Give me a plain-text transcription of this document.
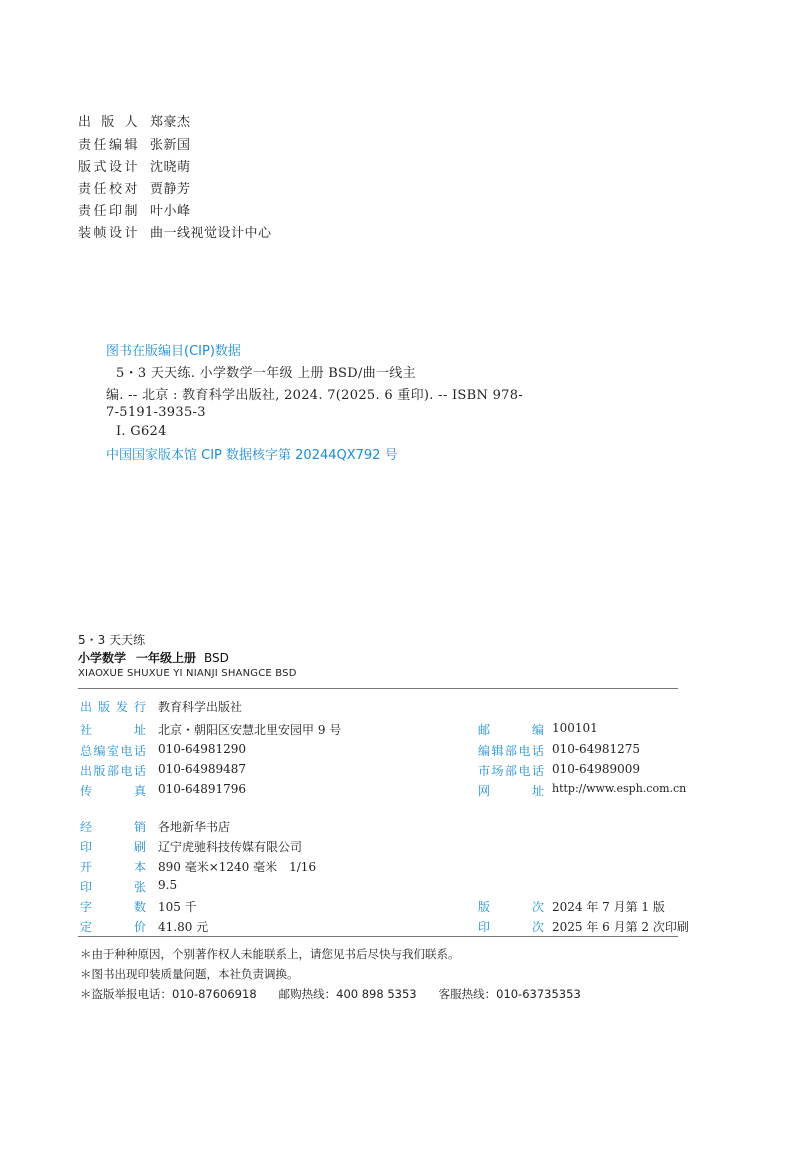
出版人 郑豪杰
责任编辑 张新国
版式设计 沈晓萌
责任校对 贾静芳
责任印制 叶小峰
装帧设计 曲一线视觉设计中心
图书在版编目(CIP)数据
5・3 天天练. 小学数学一年级 上册 BSD/曲一线主
编. -- 北京 : 教育科学出版社, 2024. 7(2025. 6 重印). -- ISBN 978-
7-5191-3935-3
Ⅰ. G624
中国国家版本馆 CIP 数据核字第 20244QX792 号
5・3 天天练
小学数学 一年级上册 BSD
XIAOXUE SHUXUE YI NIANJI SHANGCE BSD
出版发行 教育科学出版社
社址 北京・朝阳区安慧北里安园甲 9 号
总编室电话 010-64981290
出版部电话 010-64989487
传真 010-64891796
邮编 100101
编辑部电话 010-64981275
市场部电话 010-64989009
网址 http://www.esph.com.cn
经销 各地新华书店
印刷 辽宁虎驰科技传媒有限公司
开本 890 毫米×1240 毫米　1/16
印张 9.5
字数 105 千
定价 41.80 元
版次 2024 年 7 月第 1 版
印次 2025 年 6 月第 2 次印刷
＊由于种种原因，个别著作权人未能联系上，请您见书后尽快与我们联系。
＊图书出现印装质量问题，本社负责调换。
＊盗版举报电话：010-87606918 邮购热线：400 898 5353 客服热线：010-63735353
